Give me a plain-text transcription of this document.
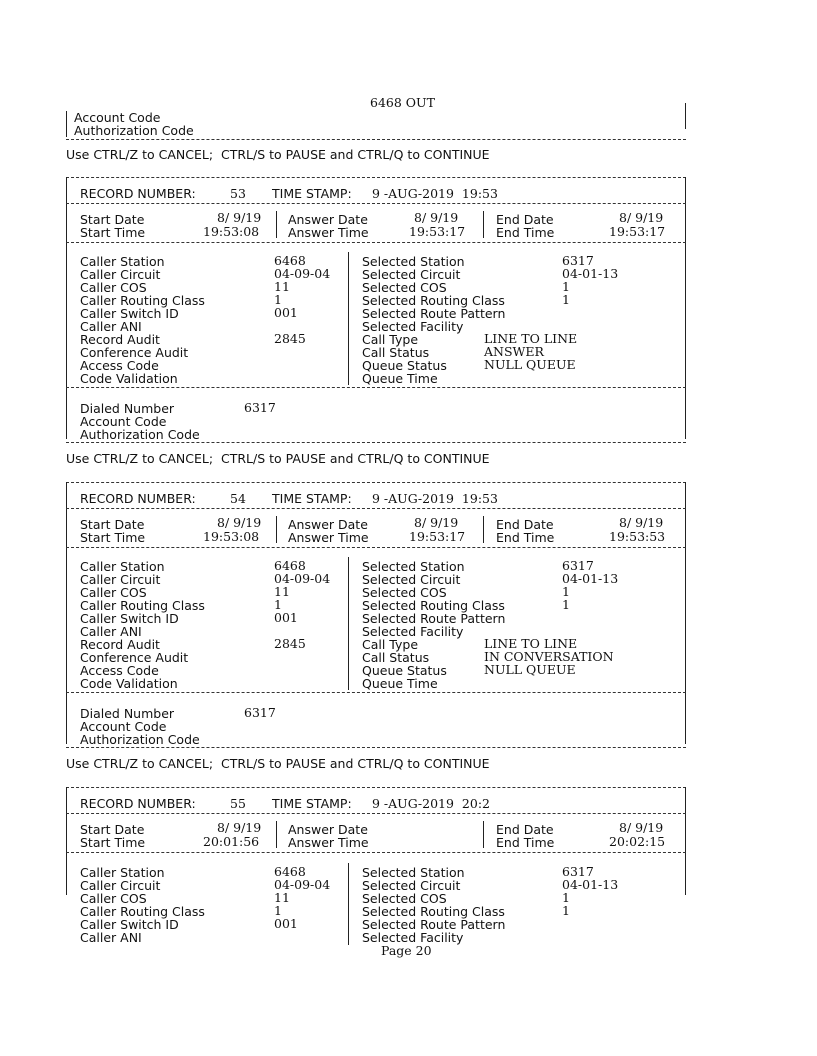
6468 OUT
Account Code
Authorization Code
Use CTRL/Z to CANCEL;  CTRL/S to PAUSE and CTRL/Q to CONTINUE
RECORD NUMBER:	53 TIME STAMP: 9 -AUG-2019  19:53
Start Date	8/ 9/19
Start Time	19:53:08
Answer Date	8/ 9/19
Answer Time	19:53:17
End Date	8/ 9/19
End Time	19:53:17
Caller Station	6468
Caller Circuit	04-09-04
Caller COS	11
Caller Routing Class	1
Caller Switch ID	001
Caller ANI
Record Audit	2845
Conference Audit
Access Code
Code Validation
Selected Station	6317
Selected Circuit	04-01-13
Selected COS	1
Selected Routing Class	1
Selected Route Pattern
Selected Facility
Call Type	LINE TO LINE
Call Status	ANSWER
Queue Status	NULL QUEUE
Queue Time
Dialed Number	6317
Account Code
Authorization Code
Use CTRL/Z to CANCEL;  CTRL/S to PAUSE and CTRL/Q to CONTINUE
RECORD NUMBER:	54 TIME STAMP: 9 -AUG-2019  19:53
Start Date	8/ 9/19
Start Time	19:53:08
Answer Date	8/ 9/19
Answer Time	19:53:17
End Date	8/ 9/19
End Time	19:53:53
Caller Station	6468
Caller Circuit	04-09-04
Caller COS	11
Caller Routing Class	1
Caller Switch ID	001
Caller ANI
Record Audit	2845
Conference Audit
Access Code
Code Validation
Selected Station	6317
Selected Circuit	04-01-13
Selected COS	1
Selected Routing Class	1
Selected Route Pattern
Selected Facility
Call Type	LINE TO LINE
Call Status	IN CONVERSATION
Queue Status	NULL QUEUE
Queue Time
Dialed Number	6317
Account Code
Authorization Code
Use CTRL/Z to CANCEL;  CTRL/S to PAUSE and CTRL/Q to CONTINUE
RECORD NUMBER:	55 TIME STAMP: 9 -AUG-2019  20:2
Start Date	8/ 9/19
Start Time	20:01:56
Answer Date
Answer Time
End Date	8/ 9/19
End Time	20:02:15
Caller Station	6468
Caller Circuit	04-09-04
Caller COS	11
Caller Routing Class	1
Caller Switch ID	001
Caller ANI
Selected Station	6317
Selected Circuit	04-01-13
Selected COS	1
Selected Routing Class	1
Selected Route Pattern
Selected Facility
Page 20
